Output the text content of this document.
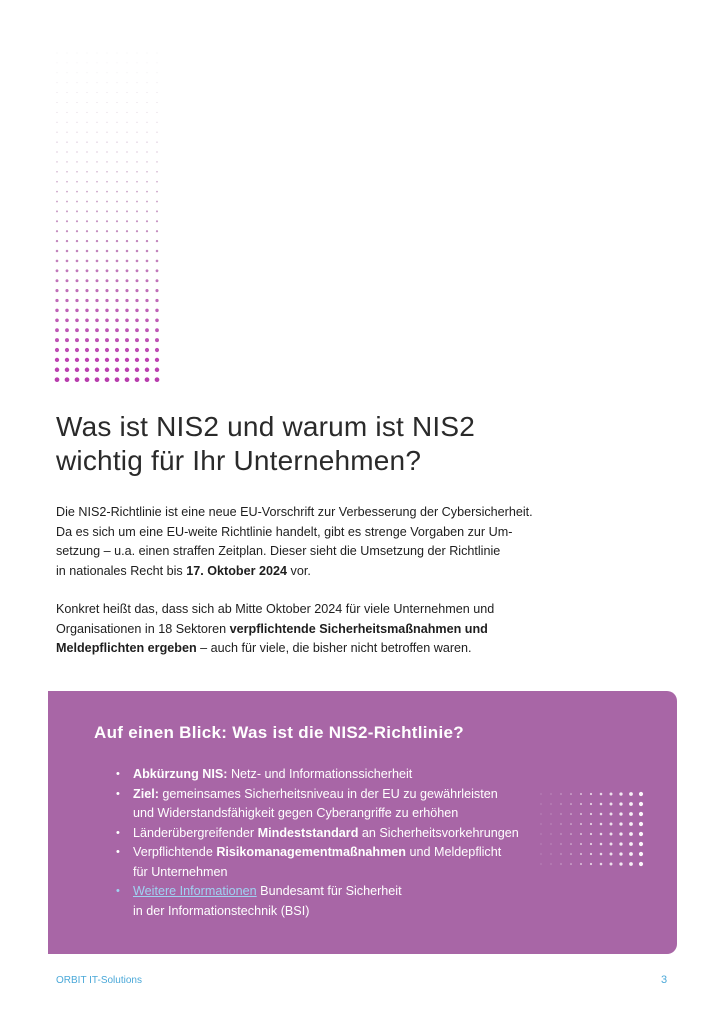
Was ist NIS2 und warum ist NIS2
wichtig für Ihr Unternehmen?

Die NIS2-Richtlinie ist eine neue EU-Vorschrift zur Verbesserung der Cybersicherheit.
Da es sich um eine EU-weite Richtlinie handelt, gibt es strenge Vorgaben zur Um-
setzung – u.a. einen straffen Zeitplan. Dieser sieht die Umsetzung der Richtlinie
in nationales Recht bis 17. Oktober 2024 vor.

Konkret heißt das, dass sich ab Mitte Oktober 2024 für viele Unternehmen und
Organisationen in 18 Sektoren verpflichtende Sicherheitsmaßnahmen und
Meldepflichten ergeben – auch für viele, die bisher nicht betroffen waren.

Auf einen Blick: Was ist die NIS2-Richtlinie?
• Abkürzung NIS: Netz- und Informationssicherheit
• Ziel: gemeinsames Sicherheitsniveau in der EU zu gewährleisten
und Widerstandsfähigkeit gegen Cyberangriffe zu erhöhen
• Länderübergreifender Mindeststandard an Sicherheitsvorkehrungen
• Verpflichtende Risikomanagementmaßnahmen und Meldepflicht
für Unternehmen
• Weitere Informationen Bundesamt für Sicherheit
in der Informationstechnik (BSI)
ORBIT IT-Solutions	3
